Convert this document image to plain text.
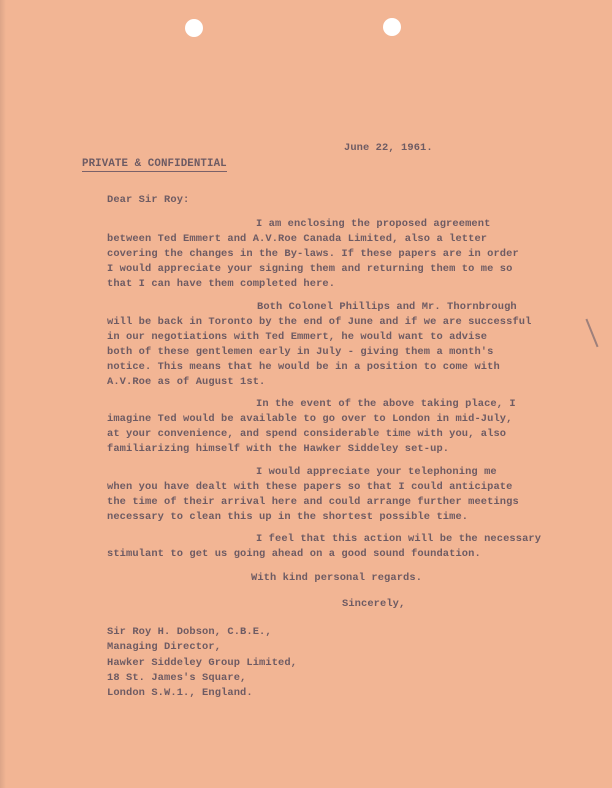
June 22, 1961.
PRIVATE & CONFIDENTIAL
Dear Sir Roy:
I am enclosing the proposed agreement
between Ted Emmert and A.V.Roe Canada Limited, also a letter
covering the changes in the By-laws. If these papers are in order
I would appreciate your signing them and returning them to me so
that I can have them completed here.
Both Colonel Phillips and Mr. Thornbrough
will be back in Toronto by the end of June and if we are successful
in our negotiations with Ted Emmert, he would want to advise
both of these gentlemen early in July - giving them a month's
notice. This means that he would be in a position to come with
A.V.Roe as of August 1st.
In the event of the above taking place, I
imagine Ted would be available to go over to London in mid-July,
at your convenience, and spend considerable time with you, also
familiarizing himself with the Hawker Siddeley set-up.
I would appreciate your telephoning me
when you have dealt with these papers so that I could anticipate
the time of their arrival here and could arrange further meetings
necessary to clean this up in the shortest possible time.
I feel that this action will be the necessary
stimulant to get us going ahead on a good sound foundation.
With kind personal regards.
Sincerely,
Sir Roy H. Dobson, C.B.E.,
Managing Director,
Hawker Siddeley Group Limited,
18 St. James's Square,
London S.W.1., England.
